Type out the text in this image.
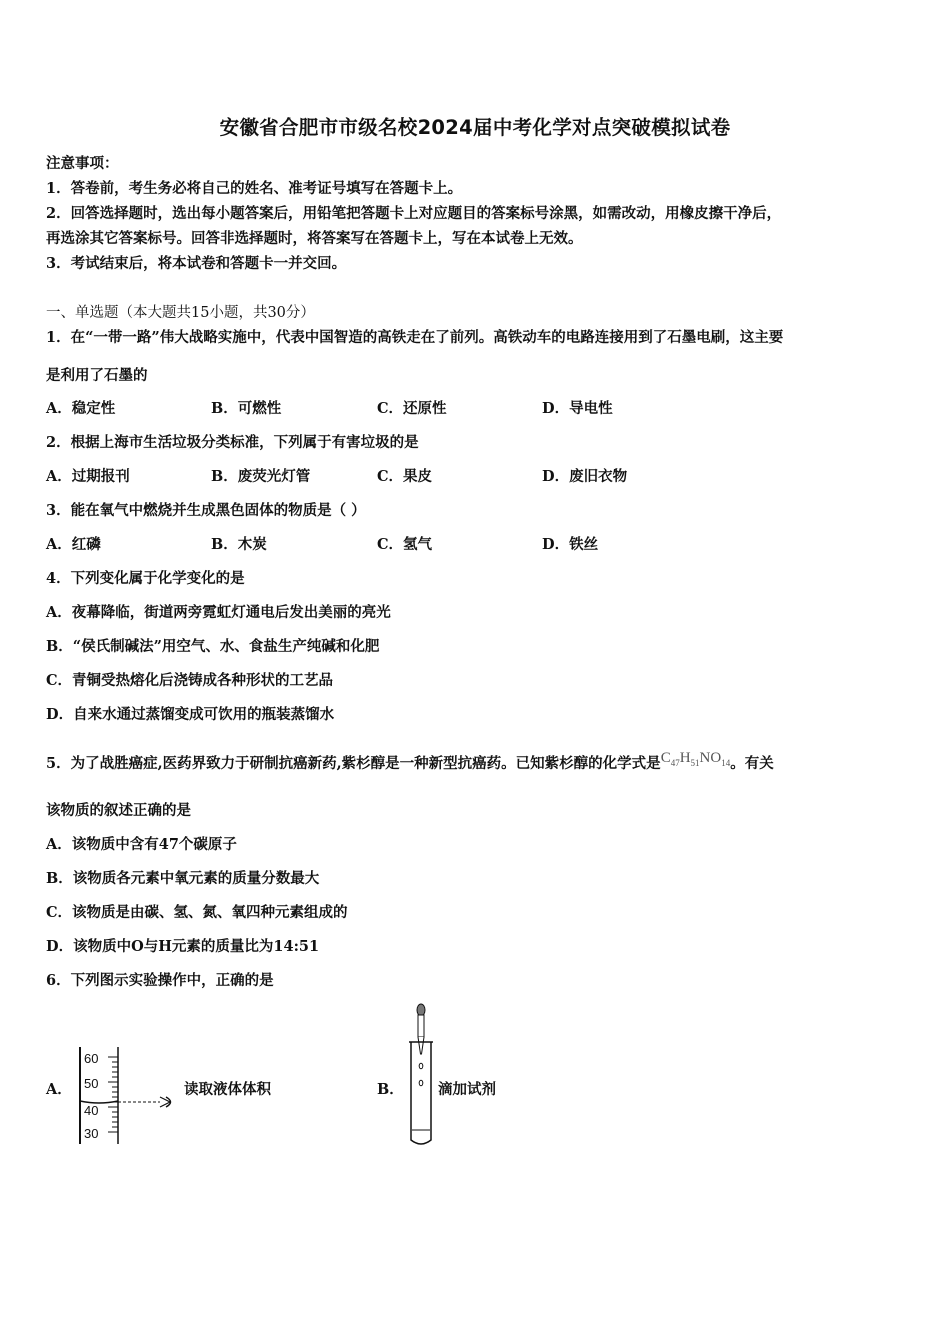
安徽省合肥市市级名校2024届中考化学对点突破模拟试卷
注意事项：
1．答卷前，考生务必将自己的姓名、准考证号填写在答题卡上。
2．回答选择题时，选出每小题答案后，用铅笔把答题卡上对应题目的答案标号涂黑，如需改动，用橡皮擦干净后，
再选涂其它答案标号。回答非选择题时，将答案写在答题卡上，写在本试卷上无效。
3．考试结束后，将本试卷和答题卡一并交回。
一、单选题（本大题共15小题，共30分）
1．在“一带一路”伟大战略实施中，代表中国智造的高铁走在了前列。高铁动车的电路连接用到了石墨电刷，这主要
是利用了石墨的
A．稳定性	B．可燃性	C．还原性	D．导电性
2．根据上海市生活垃圾分类标准，下列属于有害垃圾的是
A．过期报刊	B．废荧光灯管	C．果皮	D．废旧衣物
3．能在氧气中燃烧并生成黑色固体的物质是（ ）
A．红磷	B．木炭	C．氢气	D．铁丝
4．下列变化属于化学变化的是
A．夜幕降临，街道两旁霓虹灯通电后发出美丽的亮光
B．“侯氏制碱法”用空气、水、食盐生产纯碱和化肥
C．青铜受热熔化后浇铸成各种形状的工艺品
D．自来水通过蒸馏变成可饮用的瓶装蒸馏水
5．为了战胜癌症,医药界致力于研制抗癌新药,紫杉醇是一种新型抗癌药。已知紫杉醇的化学式是$C_{47}H_{51}NO_{14}$。有关
该物质的叙述正确的是
A．该物质中含有47个碳原子
B．该物质各元素中氧元素的质量分数最大
C．该物质是由碳、氢、氮、氧四种元素组成的
D．该物质中O与H元素的质量比为14:51
6．下列图示实验操作中，正确的是
A．
60
50
40
30
读取液体体积	B． 滴加试剂
